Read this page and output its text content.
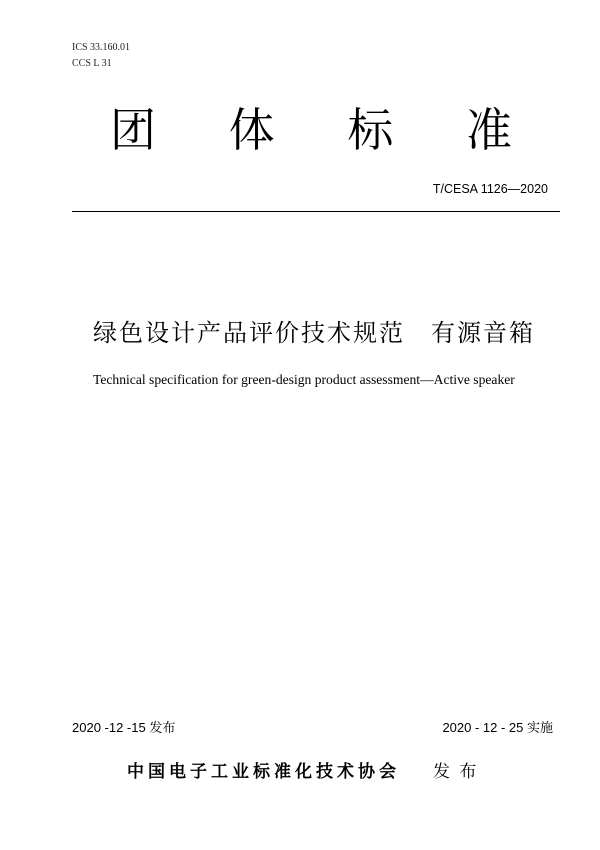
ICS 33.160.01
CCS L 31
团 体 标 准
T/CESA 1126—2020
绿色设计产品评价技术规范　有源音箱
Technical specification for green-design product assessment—Active speaker
2020 -12 -15 发布	2020 - 12 - 25 实施
中国电子工业标准化技术协会 发 布
